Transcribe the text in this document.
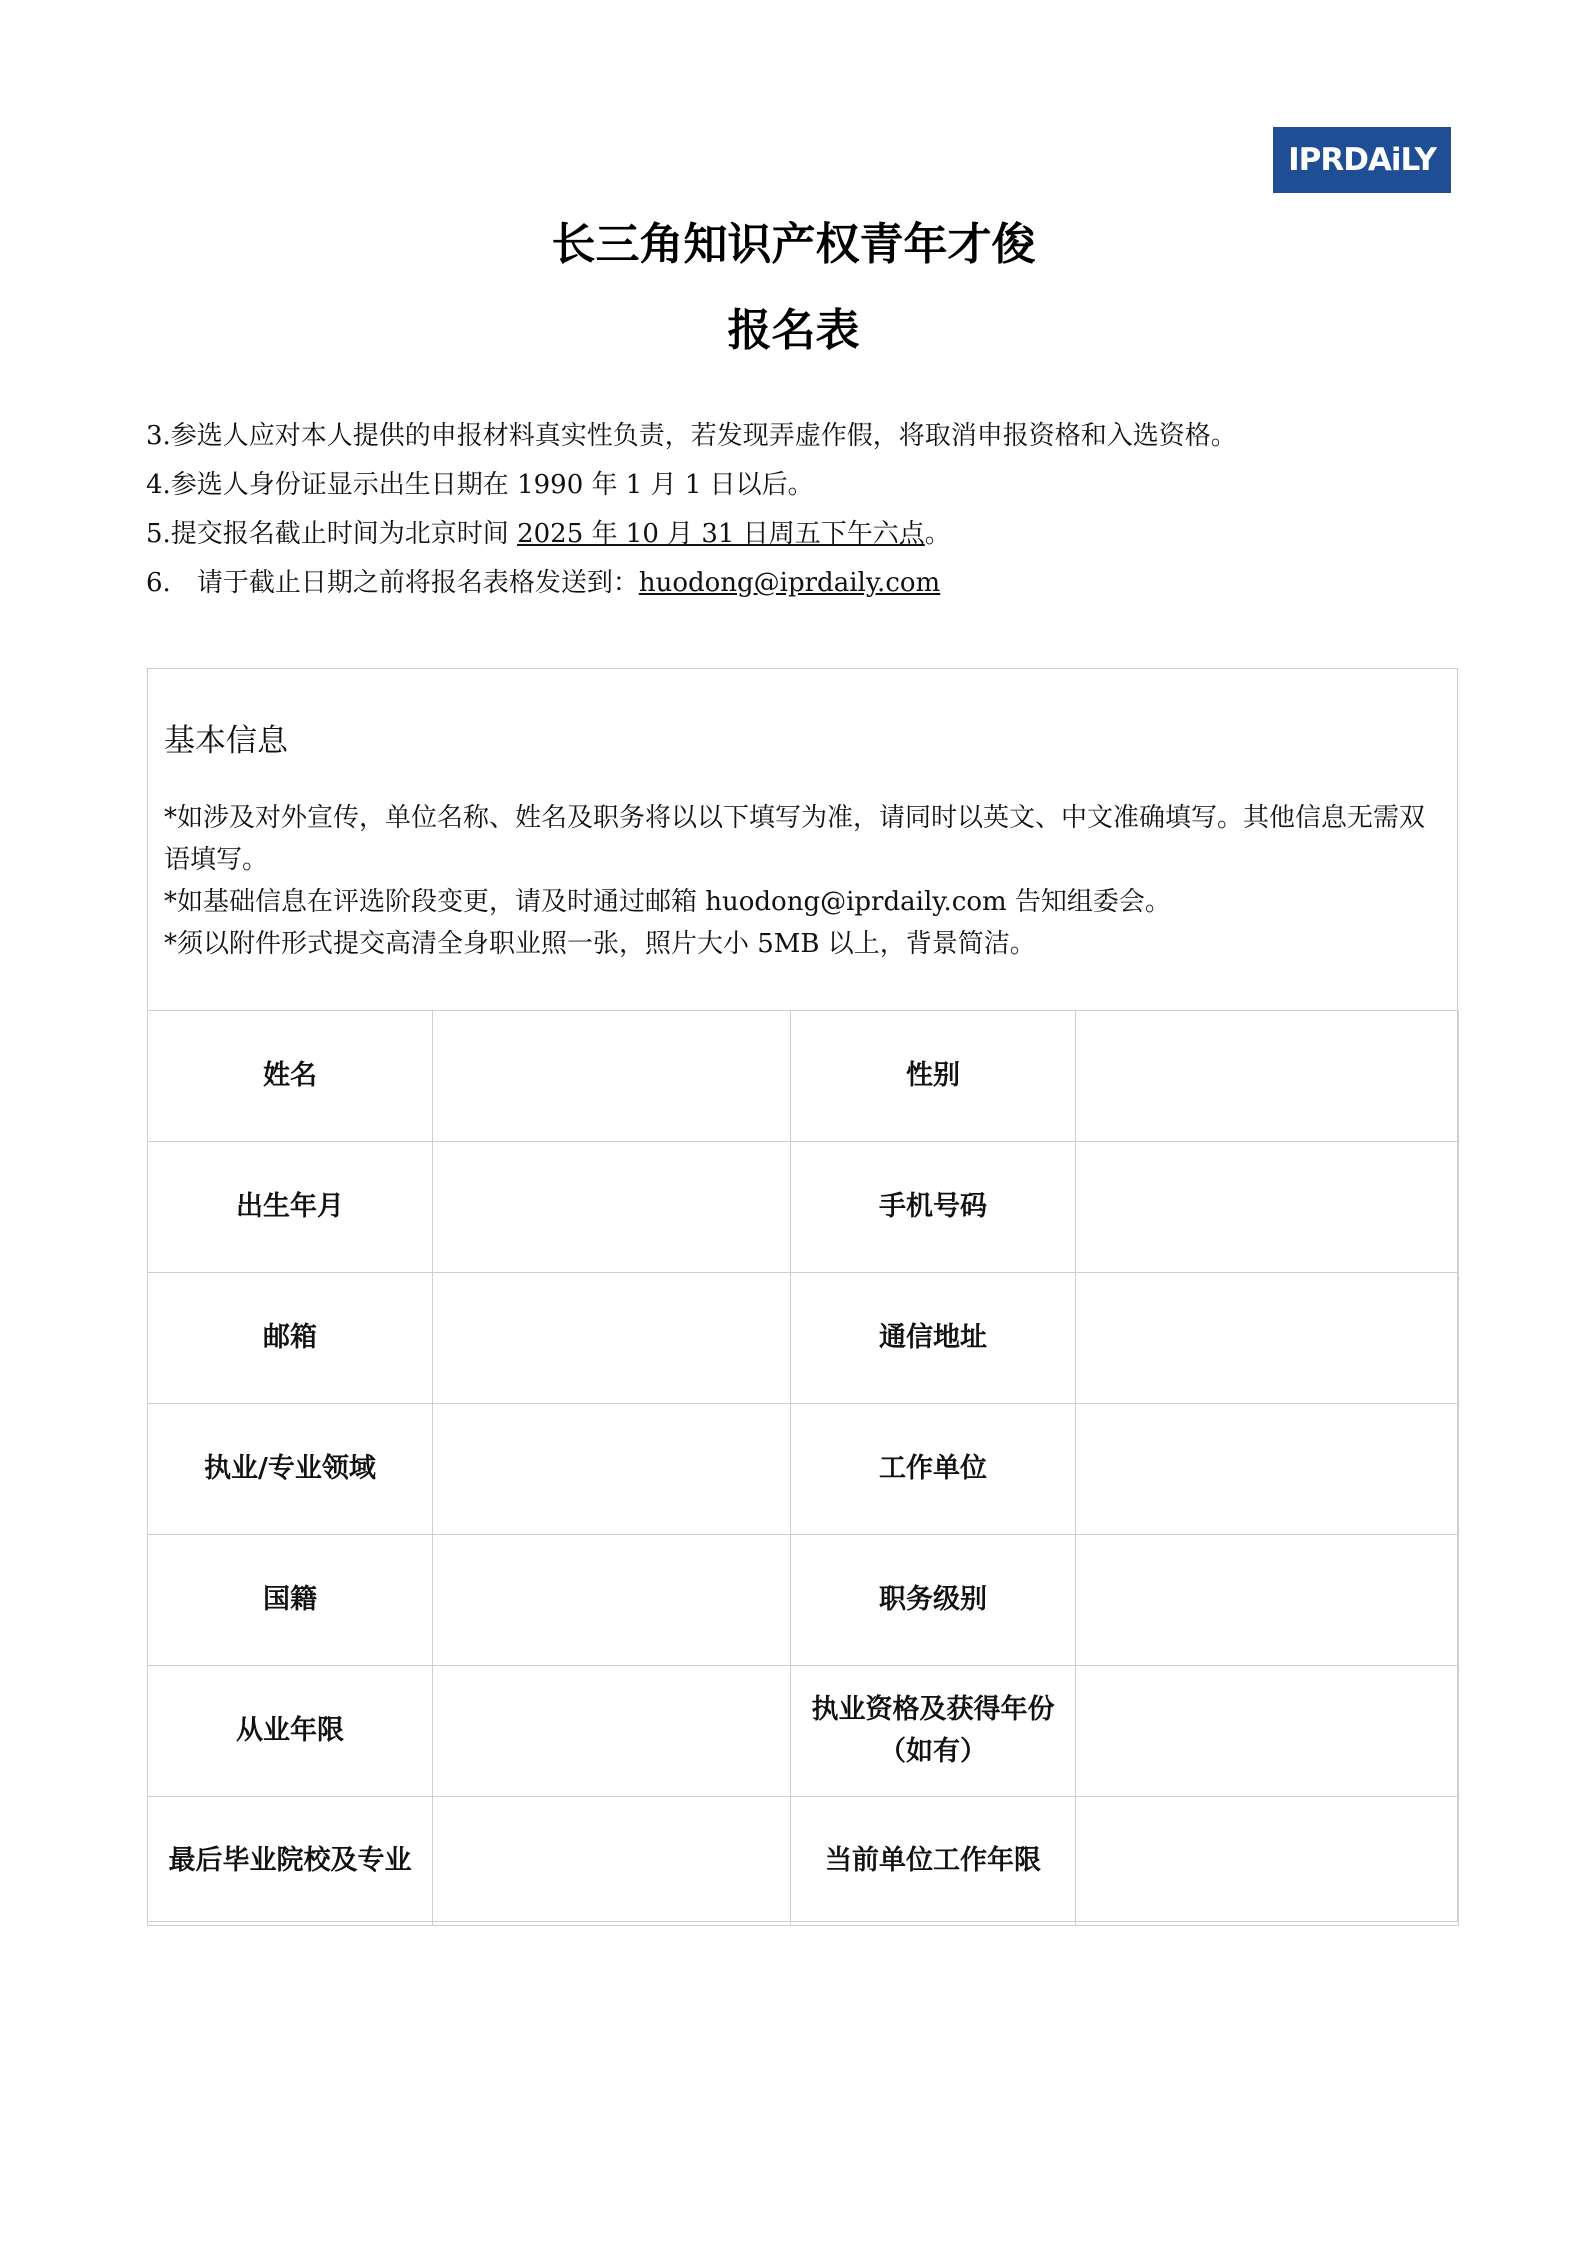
IPRDAiLY
长三角知识产权青年才俊
报名表

3.参选人应对本人提供的申报材料真实性负责，若发现弄虚作假，将取消申报资格和入选资格。

4.参选人身份证显示出生日期在 1990 年 1 月 1 日以后。

5.提交报名截止时间为北京时间 2025 年 10 月 31 日周五下午六点。

6. 请于截止日期之前将报名表格发送到：huodong@iprdaily.com

基本信息

*如涉及对外宣传，单位名称、姓名及职务将以以下填写为准，请同时以英文、中文准确填写。其他信息无需双语填写。

*如基础信息在评选阶段变更，请及时通过邮箱 huodong@iprdaily.com 告知组委会。

*须以附件形式提交高清全身职业照一张，照片大小 5MB 以上，背景简洁。

姓名		性别	
出生年月		手机号码	
邮箱		通信地址	
执业/专业领域		工作单位	
国籍		职务级别	
从业年限		执业资格及获得年份
（如有）	

最后毕业院校及专业		当前单位工作年限	
